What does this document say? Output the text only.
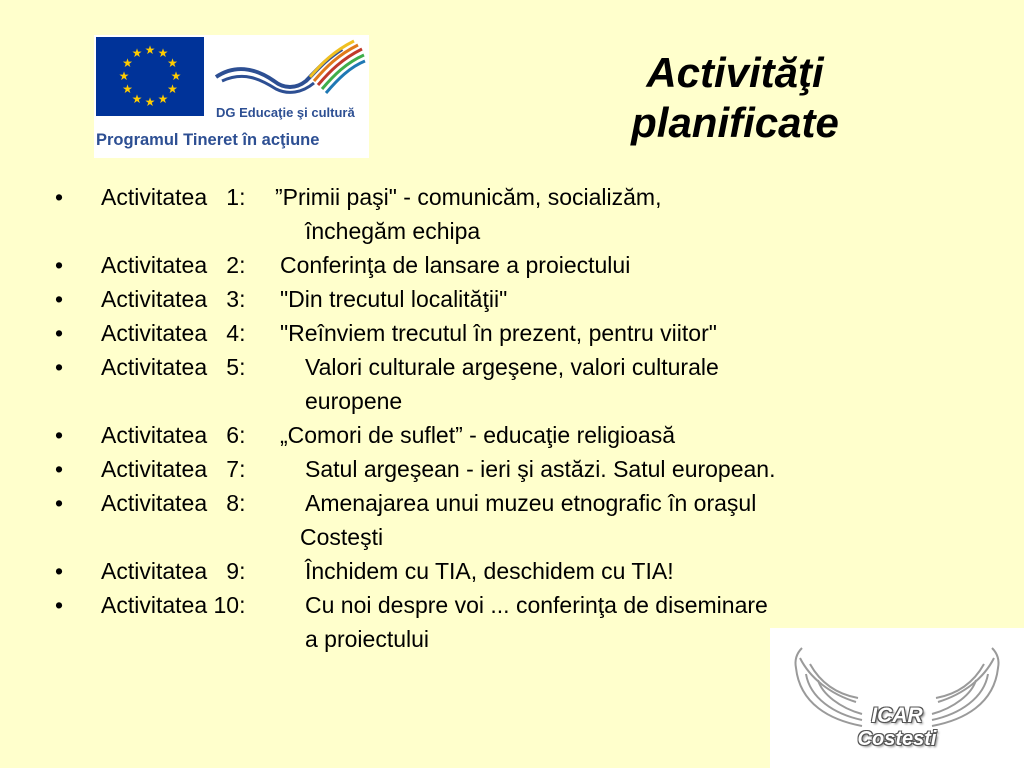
★ ★
★
★
★
★
★
★
★
★
★
★
DG Educaţie şi cultură
Programul Tineret în acţiune
Activităţi
planificate
• Activitatea   1: ”Primii paşi" - comunicăm, socializăm,
închegăm echipa
• Activitatea   2: Conferinţa de lansare a proiectului
• Activitatea   3: "Din trecutul localităţii"
• Activitatea   4: "Reînviem trecutul în prezent, pentru viitor"
• Activitatea   5:	Valori culturale argeşene, valori culturale
europene
• Activitatea   6: „Comori de suflet” - educaţie religioasă
• Activitatea   7:	Satul argeşean - ieri şi astăzi. Satul european.
• Activitatea   8:	Amenajarea unui muzeu etnografic în oraşul
Costeşti
• Activitatea   9:	Închidem cu TIA, deschidem cu TIA!
• Activitatea 10:	Cu noi despre voi ... conferinţa de diseminare
a proiectului
ICAR
Costesti
